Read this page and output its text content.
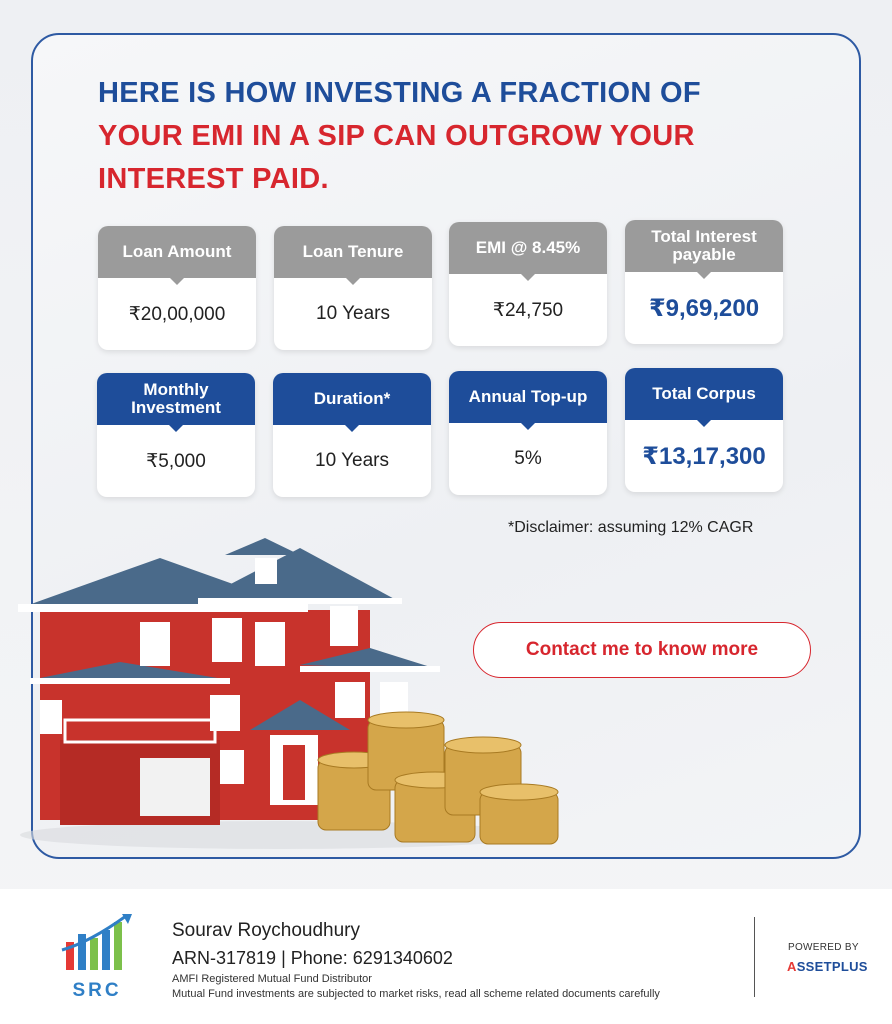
HERE IS HOW INVESTING A FRACTION OF
YOUR EMI IN A SIP CAN OUTGROW YOUR
INTEREST PAID.
Loan Amount
₹20,00,000
Loan Tenure
10 Years
EMI @ 8.45%
₹24,750
Total Interest payable
₹9,69,200
Monthly Investment
₹5,000
Duration*
10 Years
Annual Top-up
5%
Total Corpus
₹13,17,300
*Disclaimer: assuming 12% CAGR
Contact me to know more
SRC
Sourav Roychoudhury
ARN-317819 | Phone: 6291340602
AMFI Registered Mutual Fund Distributor
Mutual Fund investments are subjected to market risks, read all scheme related documents carefully
POWERED BY
ASSETPLUS
